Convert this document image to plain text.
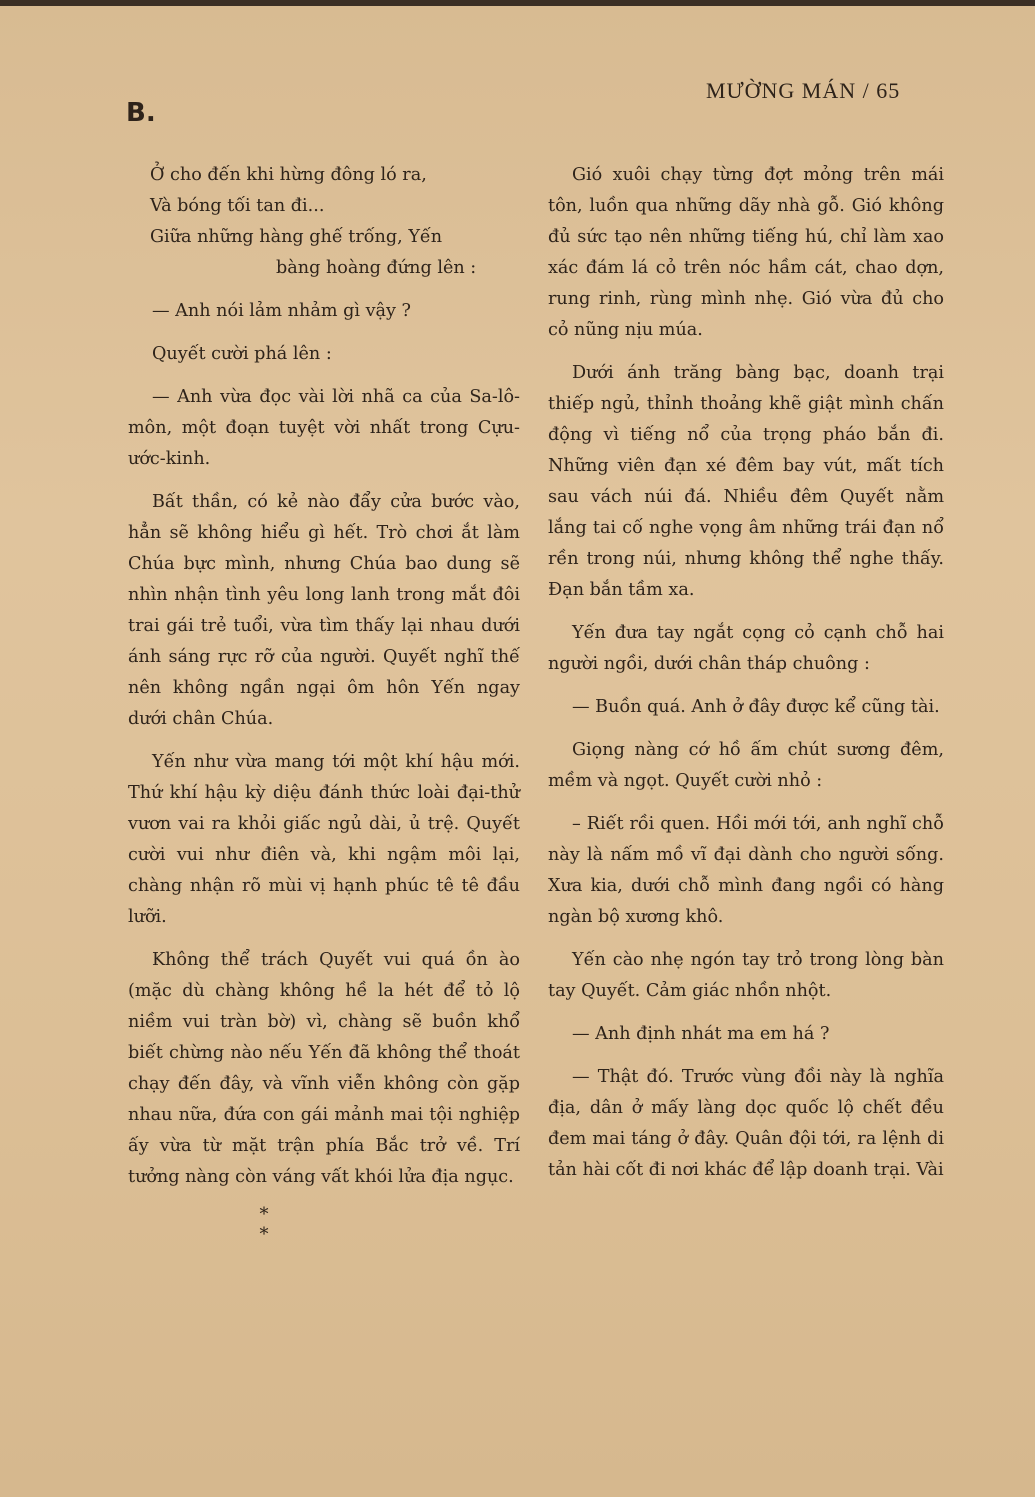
B.
MƯỜNG MÁN / 65

Ở cho đến khi hừng đông ló ra,

Và bóng tối tan đi...

Giữa những hàng ghế trống, Yến

bàng hoàng đứng lên :

— Anh nói lảm nhảm gì vậy ?

Quyết cười phá lên :

— Anh vừa đọc vài lời nhã ca của Sa-lô-môn, một đoạn tuyệt vời nhất trong Cựu-ước-kinh.

Bất thần, có kẻ nào đẩy cửa bước vào, hẳn sẽ không hiểu gì hết. Trò chơi ắt làm Chúa bực mình, nhưng Chúa bao dung sẽ nhìn nhận tình yêu long lanh trong mắt đôi trai gái trẻ tuổi, vừa tìm thấy lại nhau dưới ánh sáng rực rỡ của người. Quyết nghĩ thế nên không ngần ngại ôm hôn Yến ngay dưới chân Chúa.

Yến như vừa mang tới một khí hậu mới. Thứ khí hậu kỳ diệu đánh thức loài đại-thử vươn vai ra khỏi giấc ngủ dài, ủ trệ. Quyết cười vui như điên và, khi ngậm môi lại, chàng nhận rõ mùi vị hạnh phúc tê tê đầu lưỡi.

Không thể trách Quyết vui quá ồn ào (mặc dù chàng không hề la hét để tỏ lộ niềm vui tràn bờ) vì, chàng sẽ buồn khổ biết chừng nào nếu Yến đã không thể thoát chạy đến đây, và vĩnh viễn không còn gặp nhau nữa, đứa con gái mảnh mai tội nghiệp ấy vừa từ mặt trận phía Bắc trở về. Trí tưởng nàng còn váng vất khói lửa địa ngục.

*
*

Gió xuôi chạy từng đợt mỏng trên mái tôn, luồn qua những dãy nhà gỗ. Gió không đủ sức tạo nên những tiếng hú, chỉ làm xao xác đám lá cỏ trên nóc hầm cát, chao dợn, rung rinh, rùng mình nhẹ. Gió vừa đủ cho cỏ nũng nịu múa.

Dưới ánh trăng bàng bạc, doanh trại thiếp ngủ, thỉnh thoảng khẽ giật mình chấn động vì tiếng nổ của trọng pháo bắn đi. Những viên đạn xé đêm bay vút, mất tích sau vách núi đá. Nhiều đêm Quyết nằm lắng tai cố nghe vọng âm những trái đạn nổ rền trong núi, nhưng không thể nghe thấy. Đạn bắn tầm xa.

Yến đưa tay ngắt cọng cỏ cạnh chỗ hai người ngồi, dưới chân tháp chuông :

— Buồn quá. Anh ở đây được kể cũng tài.

Giọng nàng cớ hồ ấm chút sương đêm, mềm và ngọt. Quyết cười nhỏ :

– Riết rồi quen. Hồi mới tới, anh nghĩ chỗ này là nấm mồ vĩ đại dành cho người sống. Xưa kia, dưới chỗ mình đang ngồi có hàng ngàn bộ xương khô.

Yến cào nhẹ ngón tay trỏ trong lòng bàn tay Quyết. Cảm giác nhồn nhột.

— Anh định nhát ma em há ?

— Thật đó. Trước vùng đồi này là nghĩa địa, dân ở mấy làng dọc quốc lộ chết đều đem mai táng ở đây. Quân đội tới, ra lệnh di tản hài cốt đi nơi khác để lập doanh trại. Vài
